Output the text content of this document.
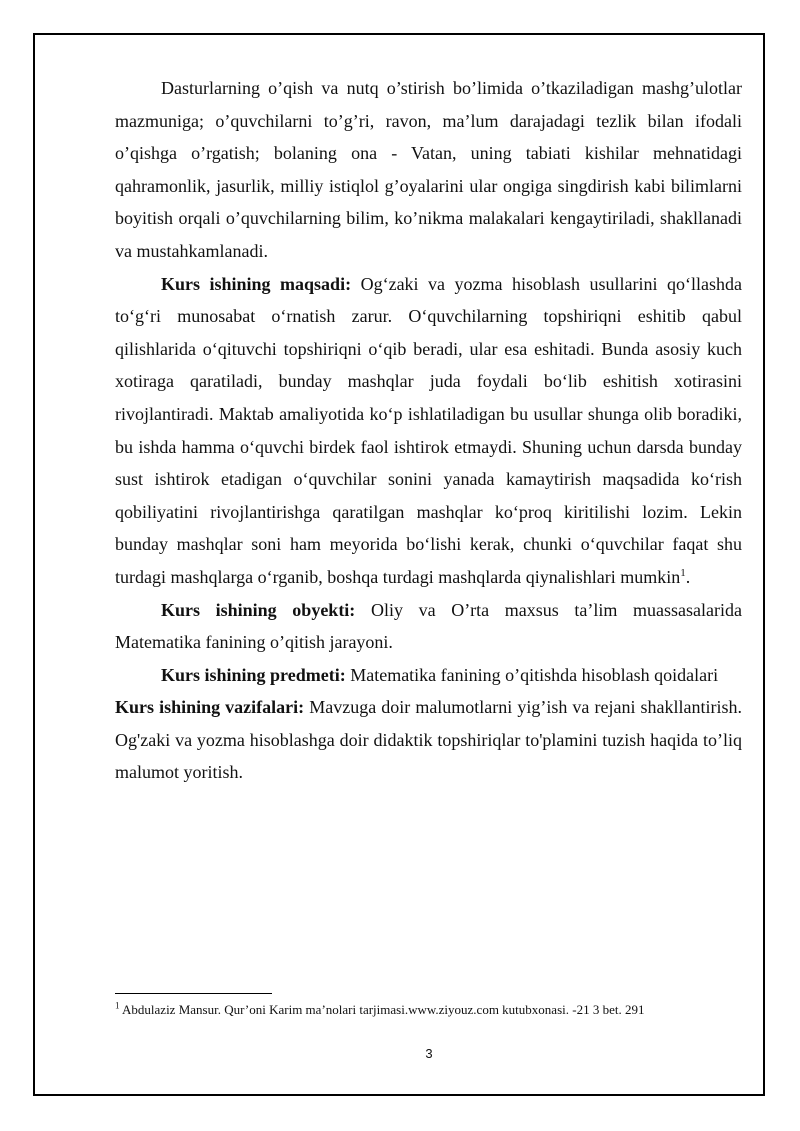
Dasturlarning o’qish va nutq o’stirish bo’limida o’tkaziladigan mashg’ulotlar mazmuniga; o’quvchilarni to’g’ri, ravon, ma’lum darajadagi tezlik bilan ifodali o’qishga o’rgatish; bolaning ona - Vatan, uning tabiati kishilar mehnatidagi qahramonlik, jasurlik, milliy istiqlol g’oyalarini ular ongiga singdirish kabi bilimlarni boyitish orqali o’quvchilarning bilim, ko’nikma malakalari kengaytiriladi, shakllanadi va mustahkamlanadi.

Kurs ishining maqsadi: Og‘zaki va yozma hisoblash usullarini qo‘llashda to‘g‘ri munosabat o‘rnatish zarur. O‘quvchilarning topshiriqni eshitib qabul qilishlarida o‘qituvchi topshiriqni o‘qib beradi, ular esa eshitadi. Bunda asosiy kuch xotiraga qaratiladi, bunday mashqlar juda foydali bo‘lib eshitish xotirasini rivojlantiradi. Maktab amaliyotida ko‘p ishlatiladigan bu usullar shunga olib boradiki, bu ishda hamma o‘quvchi birdek faol ishtirok etmaydi. Shuning uchun darsda bunday sust ishtirok etadigan o‘quvchilar sonini yanada kamaytirish maqsadida ko‘rish qobiliyatini rivojlantirishga qaratilgan mashqlar ko‘proq kiritilishi lozim. Lekin bunday mashqlar soni ham meyorida bo‘lishi kerak, chunki o‘quvchilar faqat shu turdagi mashqlarga o‘rganib, boshqa turdagi mashqlarda qiynalishlari mumkin$^1$.

Kurs ishining obyekti: Oliy va O’rta maxsus ta’lim muassasalarida Matematika fanining o’qitish jarayoni.

Kurs ishining predmeti: Matematika fanining o’qitishda hisoblash qoidalari

Kurs ishining vazifalari: Mavzuga doir malumotlarni yig’ish va rejani shakllantirish. Og'zaki va yozma hisoblashga doir didaktik topshiriqlar to'plamini tuzish haqida to’liq malumot yoritish.

$^1$ Abdulaziz Mansur. Qur’oni Karim ma’nolari tarjimasi.www.ziyouz.com kutubxonasi. -21 3 bet. 291
3
